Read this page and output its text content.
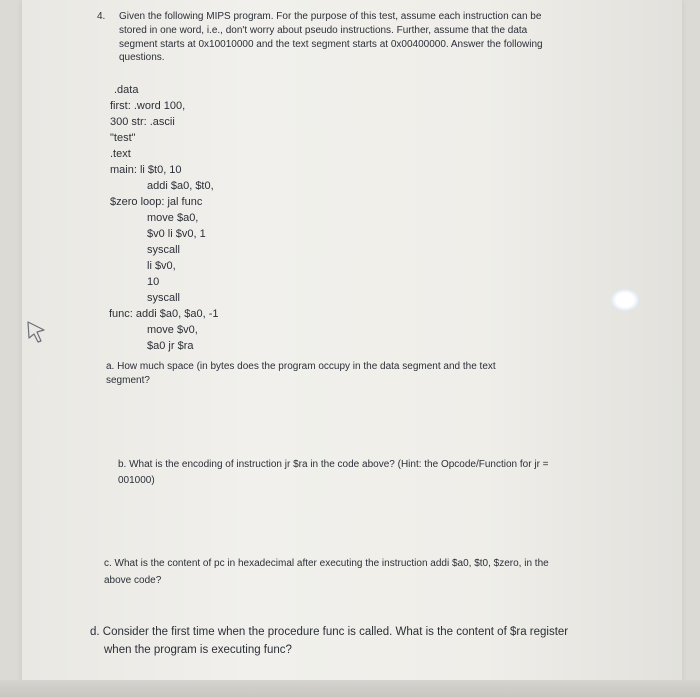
4. Given the following MIPS program. For the purpose of this test, assume each instruction can be
stored in one word, i.e., don't worry about pseudo instructions. Further, assume that the data
segment starts at 0x10010000 and the text segment starts at 0x00400000. Answer the following
questions.
.data
first: .word 100,
300 str: .ascii
"test"
.text
main: li $t0, 10
addi $a0, $t0,
$zero loop: jal func
move $a0,
$v0 li $v0, 1
syscall
li $v0,
10
syscall
func: addi $a0, $a0, -1
move $v0,
$a0 jr $ra
a. How much space (in bytes does the program occupy in the data segment and the text
segment?
b. What is the encoding of instruction jr $ra in the code above? (Hint: the Opcode/Function for jr =
001000)
c. What is the content of pc in hexadecimal after executing the instruction addi $a0, $t0, $zero, in the
above code?
d. Consider the first time when the procedure func is called. What is the content of $ra register
when the program is executing func?
